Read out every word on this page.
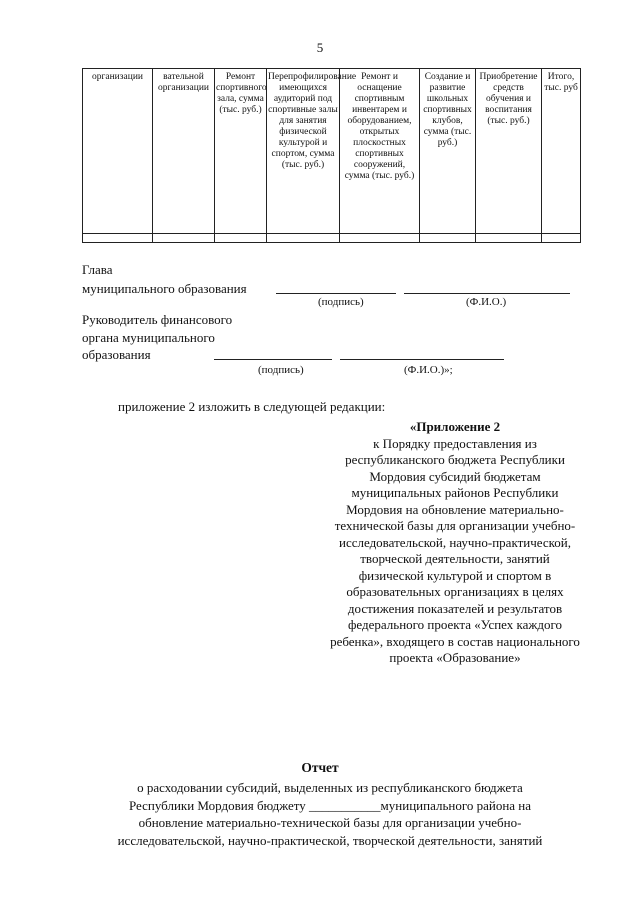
5
организации	вательной организации	Ремонт спортивного зала, сумма (тыс. руб.)	Перепрофилирование имеющихся аудиторий под спортивные залы для занятия физической культурой и спортом, сумма (тыс. руб.)	Ремонт и оснащение спортивным инвентарем и оборудованием, открытых плоскостных спортивных сооружений, сумма (тыс. руб.)	Создание и развитие школьных спортивных клубов, сумма (тыс. руб.)	Приобретение средств обучения и воспитания (тыс. руб.)	Итого, тыс. руб

Глава
муниципального образования
(подпись)	(Ф.И.О.)
Руководитель финансового
органа муниципального
образования
(подпись)	(Ф.И.О.)»;
приложение 2 изложить в следующей редакции:
«Приложение 2
к Порядку предоставления из республиканского бюджета Республики Мордовия субсидий бюджетам муниципальных районов Республики Мордовия на обновление материально-технической базы для организации учебно-исследовательской, научно-практической, творческой деятельности, занятий физической культурой и спортом в образовательных организациях в целях достижения показателей и результатов федерального проекта «Успех каждого ребенка», входящего в состав национального проекта «Образование»
Отчет
о расходовании субсидий, выделенных из республиканского бюджета
Республики Мордовия бюджету ___________муниципального района на
обновление материально-технической базы для организации учебно-
исследовательской, научно-практической, творческой деятельности, занятий
